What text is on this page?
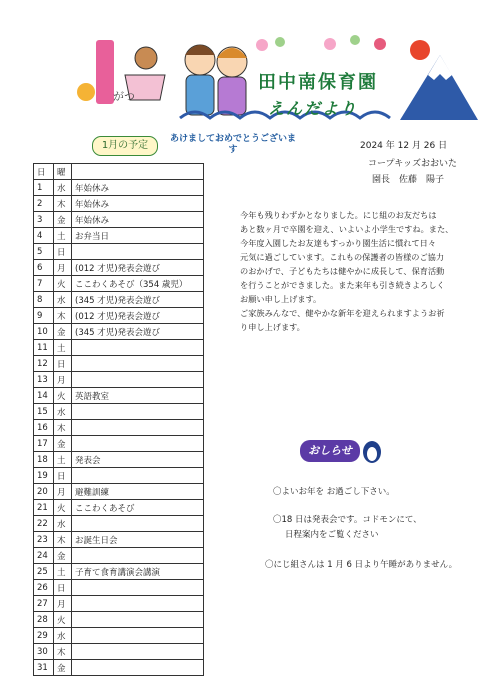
がつ
田中南保育園
えんだより
1月の予定
あけましておめでとうございます	2024 年 12 月 26 日
コープキッズおおいた
園長　佐藤　陽子
日	曜	
1	水	年始休み
2	木	年始休み
3	金	年始休み
4	土	お弁当日
5	日	
6	月	(012 才児)発表会遊び
7	火	ここわくあそび（354 歳児）
8	水	(345 才児)発表会遊び
9	木	(012 才児)発表会遊び
10	金	(345 才児)発表会遊び
11	土	
12	日	
13	月	
14	火	英語教室
15	水	
16	木	
17	金	
18	土	発表会
19	日	
20	月	避難訓練
21	火	ここわくあそび
22	水	
23	木	お誕生日会
24	金	
25	土	子育て食育講演会講演
26	日	
27	月	
28	火	
29	水	
30	木	
31	金	

今年も残りわずかとなりました。にじ組のお友だちは

あと数ヶ月で卒園を迎え、いよいよ小学生ですね。また、

今年度入園したお友達もすっかり園生活に慣れて日々

元気に過ごしています。これもの保護者の皆様のご協力

のおかげで、子どもたちは健やかに成長して、保育活動

を行うことができました。また来年も引き続きよろしく

お願い申し上げます。

ご家族みんなで、健やかな新年を迎えられますようお祈

り申し上げます。

おしらせ
〇よいお年を お過ごし下さい。
〇18 日は発表会です。コドモンにて、
日程案内をご覧ください
〇にじ組さんは 1 月 6 日より午睡がありません。
